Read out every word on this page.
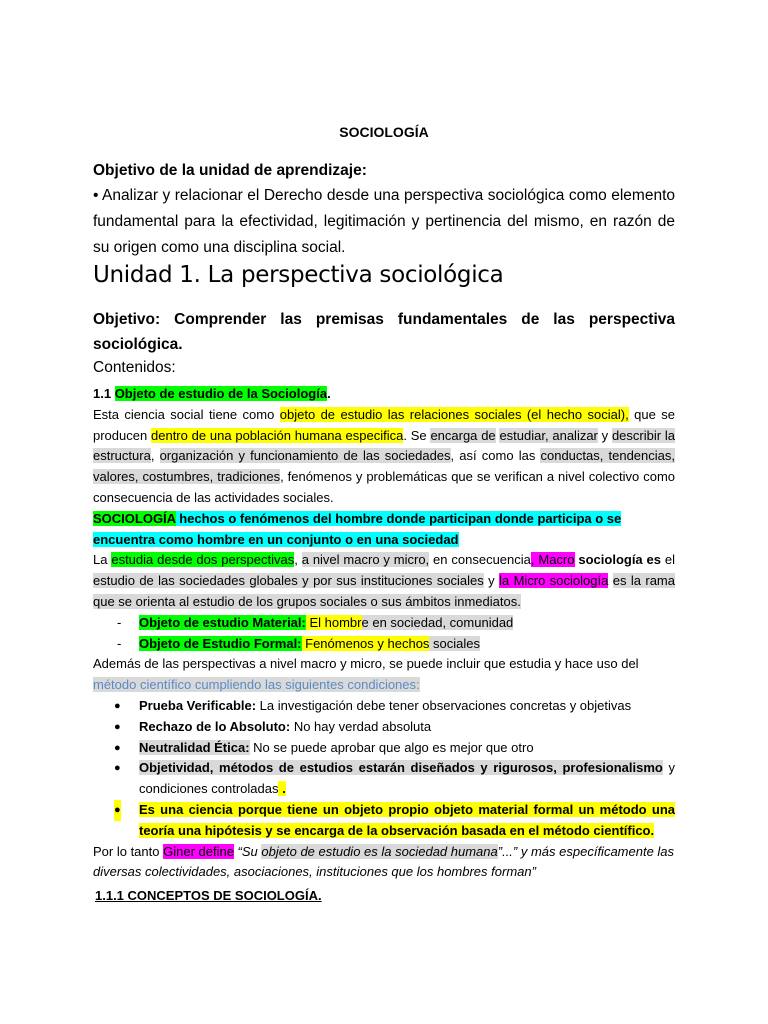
SOCIOLOGÍA
Objetivo de la unidad de aprendizaje:
• Analizar y relacionar el Derecho desde una perspectiva sociológica como elemento fundamental para la efectividad, legitimación y pertinencia del mismo, en razón de su origen como una disciplina social.
Unidad 1. La perspectiva sociológica
Objetivo: Comprender las premisas fundamentales de las perspectiva sociológica.
Contenidos:

1.1 Objeto de estudio de la Sociología.

Esta ciencia social tiene como objeto de estudio las relaciones sociales (el hecho social), que se producen dentro de una población humana especifica. Se encarga de estudiar, analizar y describir la estructura, organización y funcionamiento de las sociedades, así como las conductas, tendencias, valores, costumbres, tradiciones, fenómenos y problemáticas que se verifican a nivel colectivo como consecuencia de las actividades sociales.

SOCIOLOGÍA hechos o fenómenos del hombre donde participan donde participa o se encuentra como hombre en un conjunto o en una sociedad

La estudia desde dos perspectivas, a nivel macro y micro, en consecuencia, Macro sociología es el estudio de las sociedades globales y por sus instituciones sociales y la Micro sociología es la rama que se orienta al estudio de los grupos sociales o sus ámbitos inmediatos.

- Objeto de estudio Material: El hombre en sociedad, comunidad
- Objeto de Estudio Formal: Fenómenos y hechos sociales

Además de las perspectivas a nivel macro y micro, se puede incluir que estudia y hace uso del método científico cumpliendo las siguientes condiciones:

● Prueba Verificable: La investigación debe tener observaciones concretas y objetivas
● Rechazo de lo Absoluto: No hay verdad absoluta
● Neutralidad Ética: No se puede aprobar que algo es mejor que otro
● Objetividad, métodos de estudios estarán diseñados y rigurosos, profesionalismo y condiciones controladas .
● Es una ciencia porque tiene un objeto propio objeto material formal un método una teoría una hipótesis y se encarga de la observación basada en el método científico.

Por lo tanto Giner define “Su objeto de estudio es la sociedad humana”...” y más específicamente las diversas colectividades, asociaciones, instituciones que los hombres forman”

1.1.1 CONCEPTOS DE SOCIOLOGÍA.
